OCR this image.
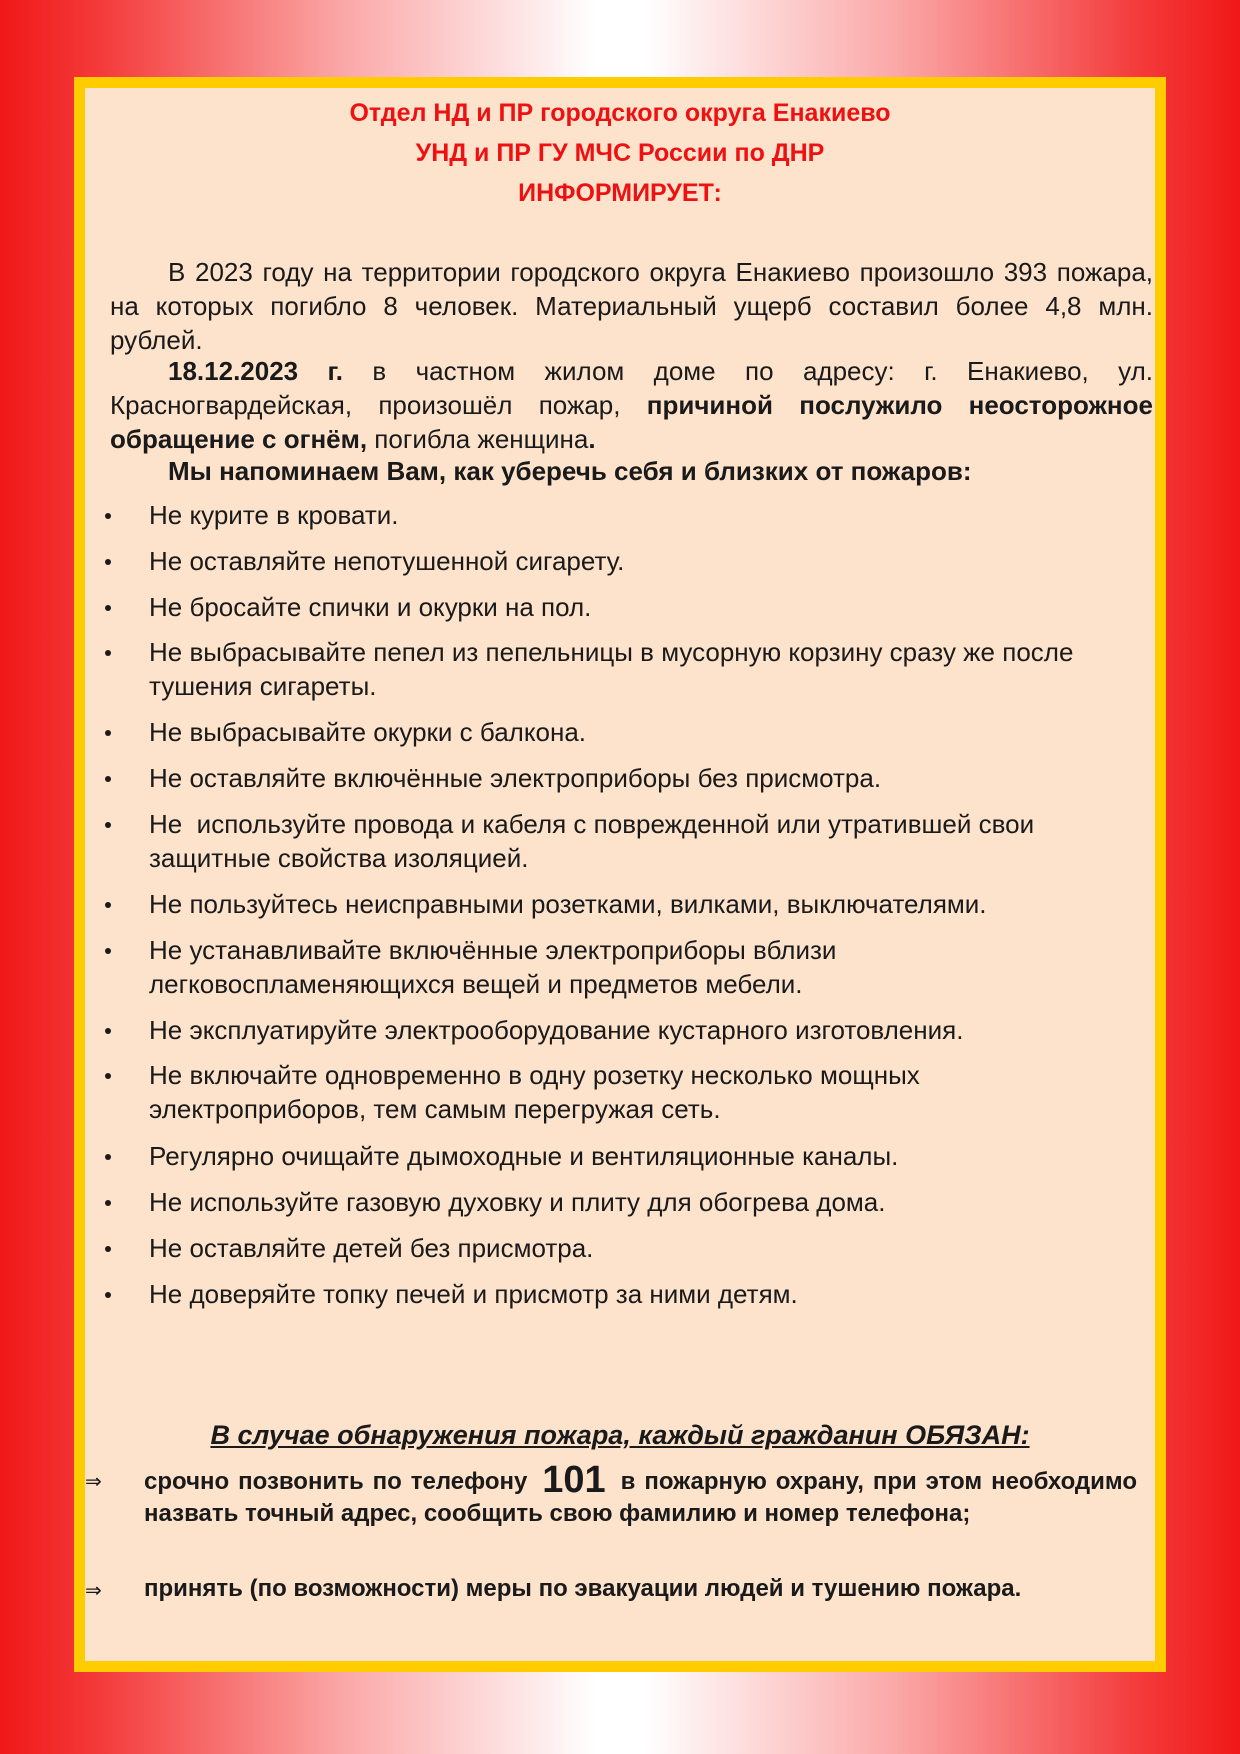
Отдел НД и ПР городского округа Енакиево

УНД и ПР ГУ МЧС России по ДНР

ИНФОРМИРУЕТ:

В 2023 году на территории городского округа Енакиево произошло 393 пожара, на которых погибло 8 человек. Материальный ущерб составил более 4,8 млн. рублей.

18.12.2023 г. в частном жилом доме по адресу: г. Енакиево, ул. Красногвардейская, произошёл пожар, причиной послужило неосторожное обращение с огнём, погибла женщина.

Мы напоминаем Вам, как уберечь себя и близких от пожаров:

Не курите в кровати.
Не оставляйте непотушенной сигарету.
Не бросайте спички и окурки на пол.
Не выбрасывайте пепел из пепельницы в мусорную корзину сразу же после тушения сигареты.
Не выбрасывайте окурки с балкона.
Не оставляйте включённые электроприборы без присмотра.
Не  используйте провода и кабеля с поврежденной или утратившей свои                  защитные свойства изоляцией.
Не пользуйтесь неисправными розетками, вилками, выключателями.
Не устанавливайте включённые электроприборы вблизи легковоспламеняющихся вещей и предметов мебели.
Не эксплуатируйте электрооборудование кустарного изготовления.
Не включайте одновременно в одну розетку несколько мощных электроприборов, тем самым перегружая сеть.
Регулярно очищайте дымоходные и вентиляционные каналы.
Не используйте газовую духовку и плиту для обогрева дома.
Не оставляйте детей без присмотра.
Не доверяйте топку печей и присмотр за ними детям.

В случае обнаружения пожара, каждый гражданин ОБЯЗАН:

⇒ срочно позвонить по телефону 101 в пожарную охрану, при этом необходимо назвать точный адрес, сообщить свою фамилию и номер телефона;

⇒ принять (по возможности) меры по эвакуации людей и тушению пожара.
